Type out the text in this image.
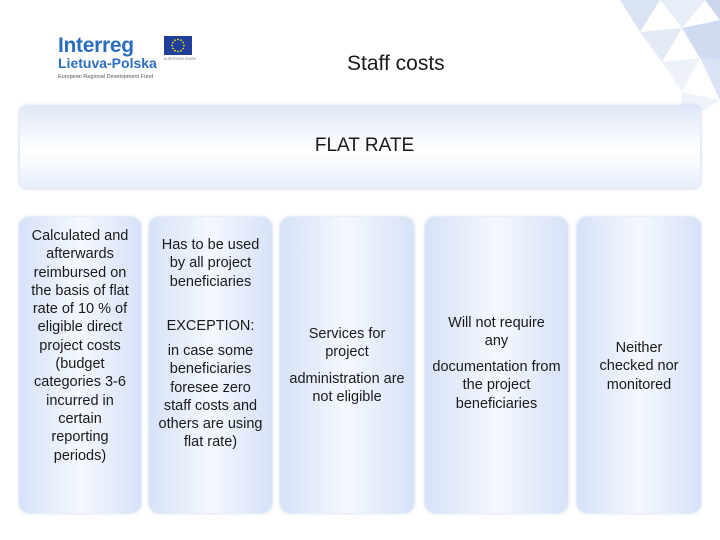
Interreg
Lietuva-Polska
European Regional Development Fund
EUROPEAN UNION	Staff costs
FLAT RATE
Calculated and afterwards reimbursed on the basis of flat rate of 10 % of eligible direct project costs (budget categories 3-6 incurred in certain reporting periods)
Has to be used by all project beneficiaries
EXCEPTION:
in case some beneficiaries foresee zero staff costs and others are using flat rate)
Services for project
administration are not eligible
Will not require any
documentation from the project beneficiaries
Neither checked nor monitored
